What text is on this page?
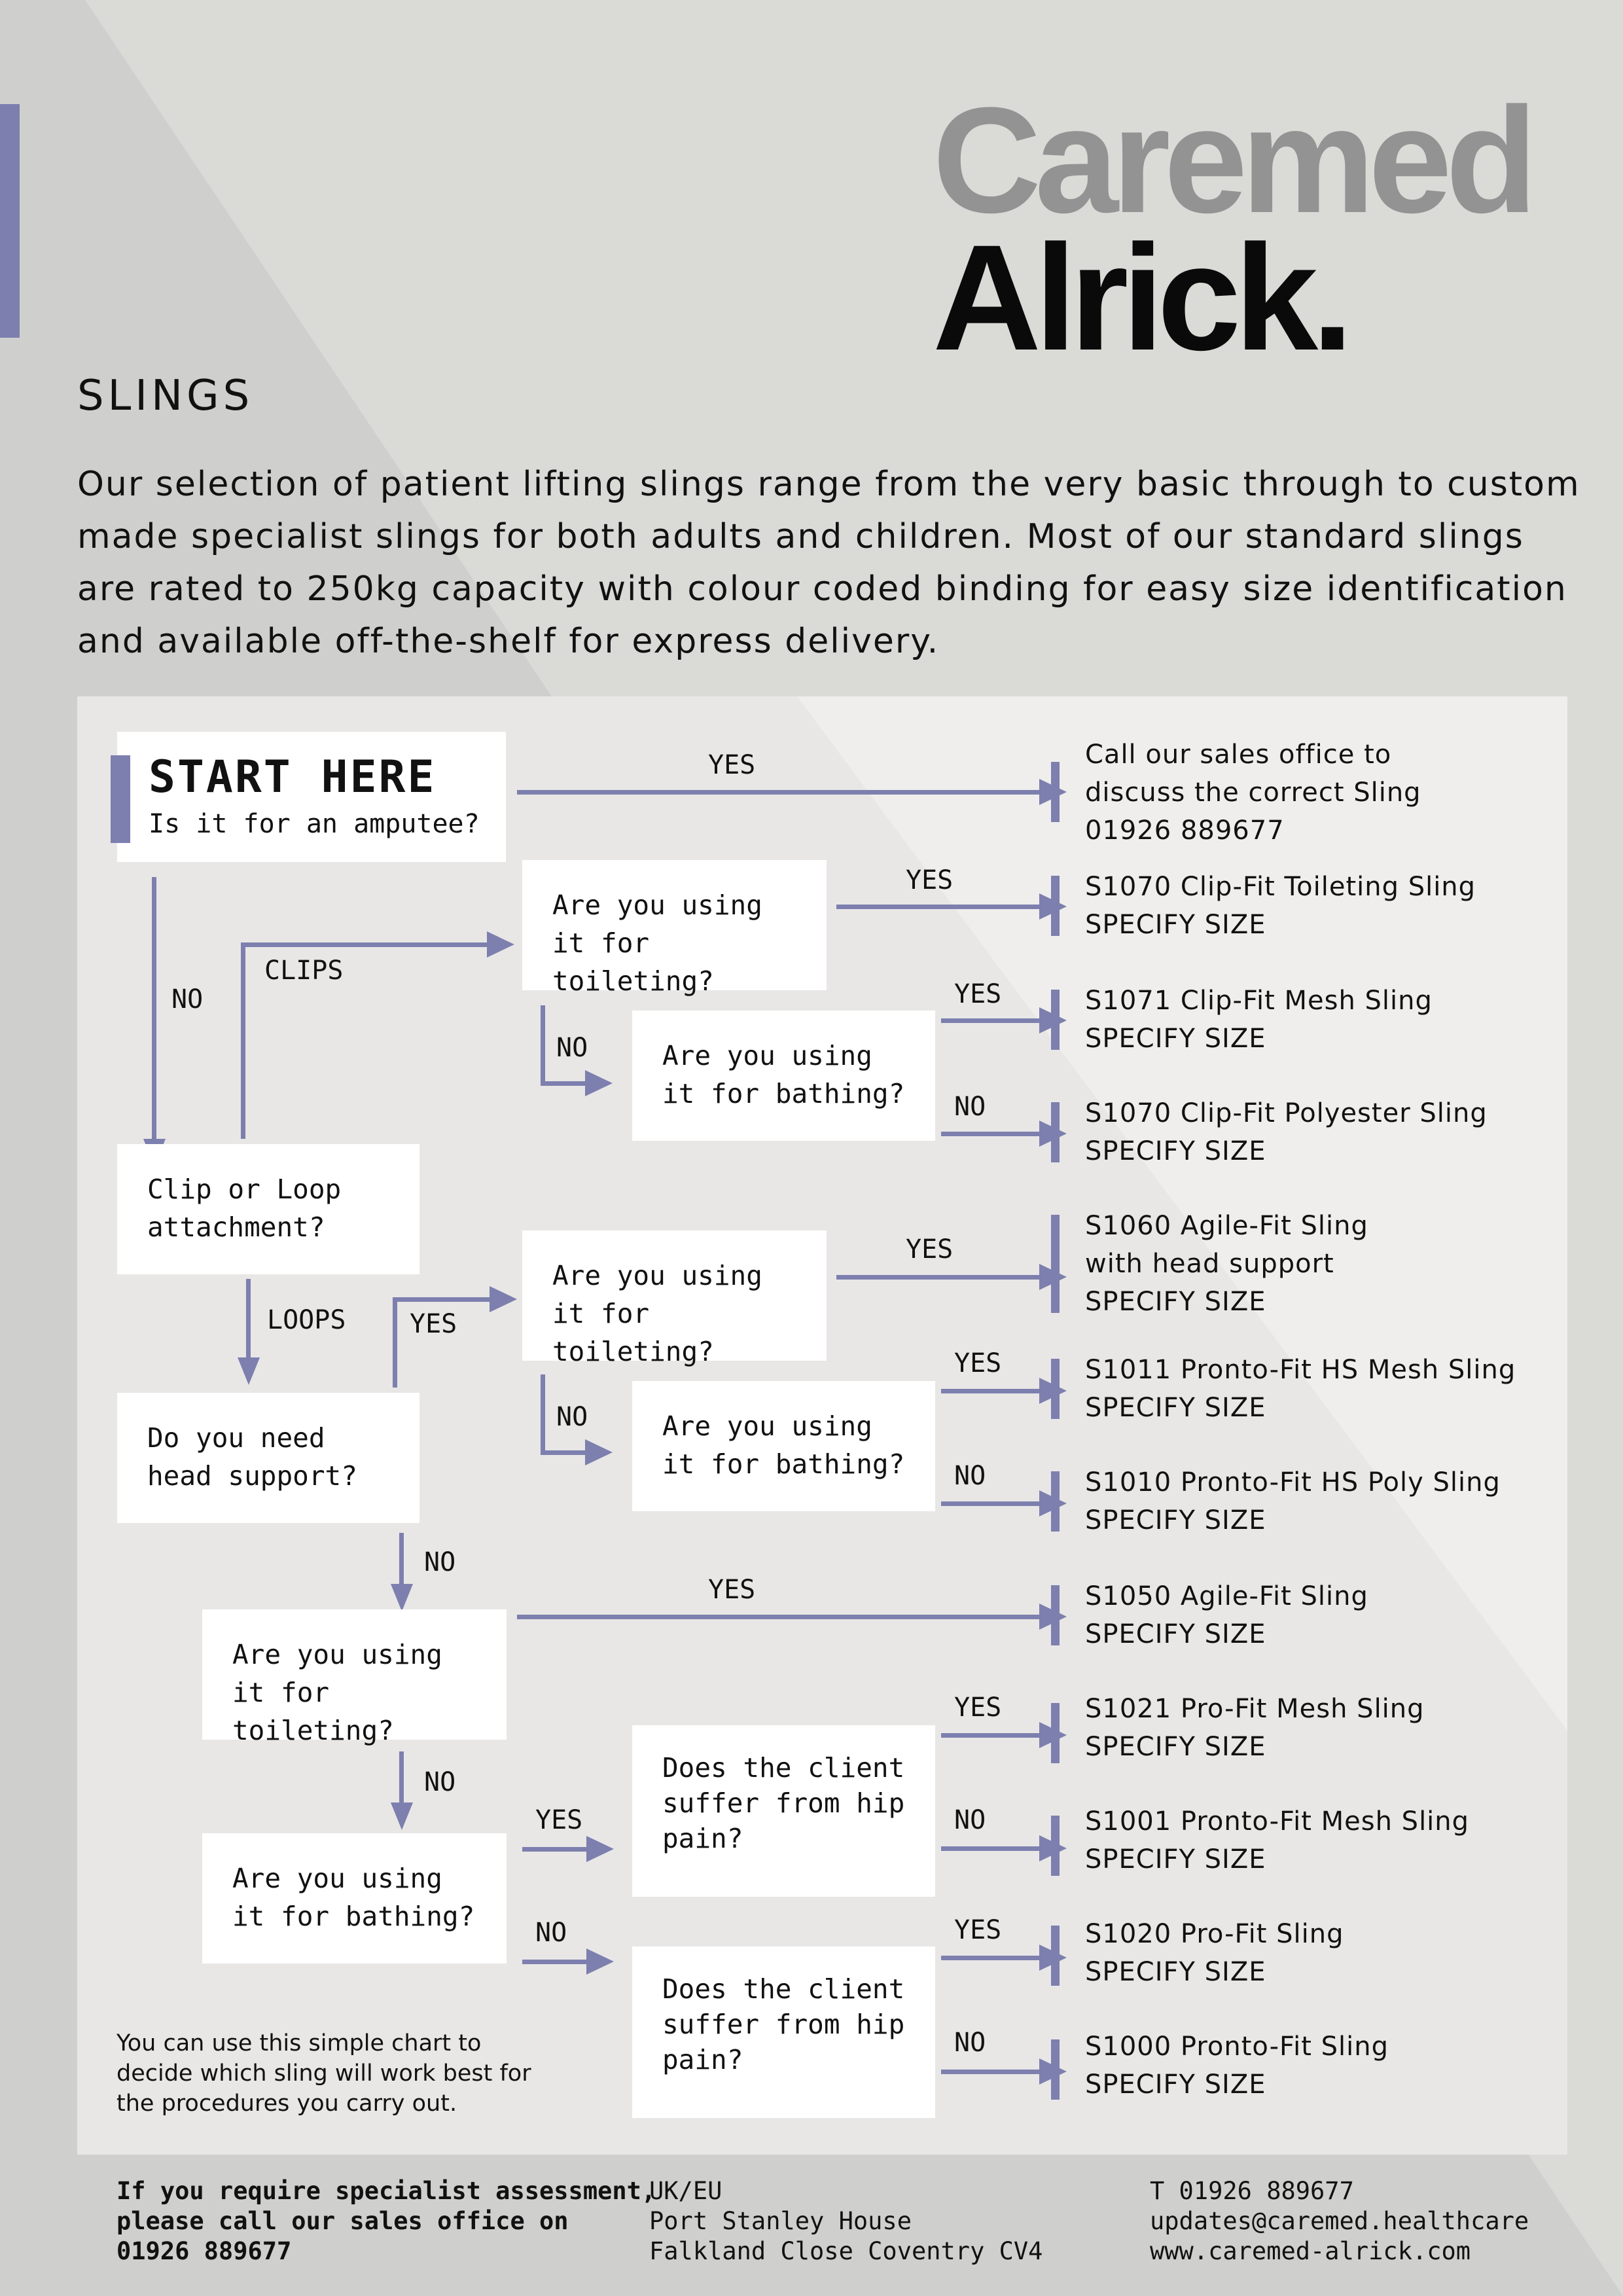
Caremed
Alrick.
SLINGS
Our selection of patient lifting slings range from the very basic through to custom made specialist slings for both adults and children. Most of our standard slings are rated to 250kg capacity with colour coded binding for easy size identification and available off-the-shelf for express delivery.
START HERE
Is it for an amputee?
YES
NO
Clip or Loop
attachment?
CLIPS
Are you using
it for toileting?
YES
NO	Are you using
it for bathing?
YES
NO
LOOPS
Do you need
head support?
YES
Are you using
it for toileting?
YES
NO	Are you using
it for bathing?
YES
NO
NO
Are you using
it for toileting?
YES
NO
Are you using
it for bathing?
YES
Does the client
suffer from hip
pain?
YES
NO
NO
Does the client
suffer from hip
pain?
YES
NO
Call our sales office to
discuss the correct Sling
01926 889677
S1070 Clip-Fit Toileting Sling
SPECIFY SIZE
S1071 Clip-Fit Mesh Sling
SPECIFY SIZE
S1070 Clip-Fit Polyester Sling
SPECIFY SIZE
S1060 Agile-Fit Sling
with head support
SPECIFY SIZE
S1011 Pronto-Fit HS Mesh Sling
SPECIFY SIZE
S1010 Pronto-Fit HS Poly Sling
SPECIFY SIZE
S1050 Agile-Fit Sling
SPECIFY SIZE
S1021 Pro-Fit Mesh Sling
SPECIFY SIZE
S1001 Pronto-Fit Mesh Sling
SPECIFY SIZE
S1020 Pro-Fit Sling
SPECIFY SIZE
S1000 Pronto-Fit Sling
SPECIFY SIZE
You can use this simple chart to
decide which sling will work best for
the procedures you carry out.
If you require specialist assessment,
please call our sales office on
01926 889677
UK/EU
Port Stanley House
Falkland Close Coventry CV4
T 01926 889677
updates@caremed.healthcare
www.caremed-alrick.com
